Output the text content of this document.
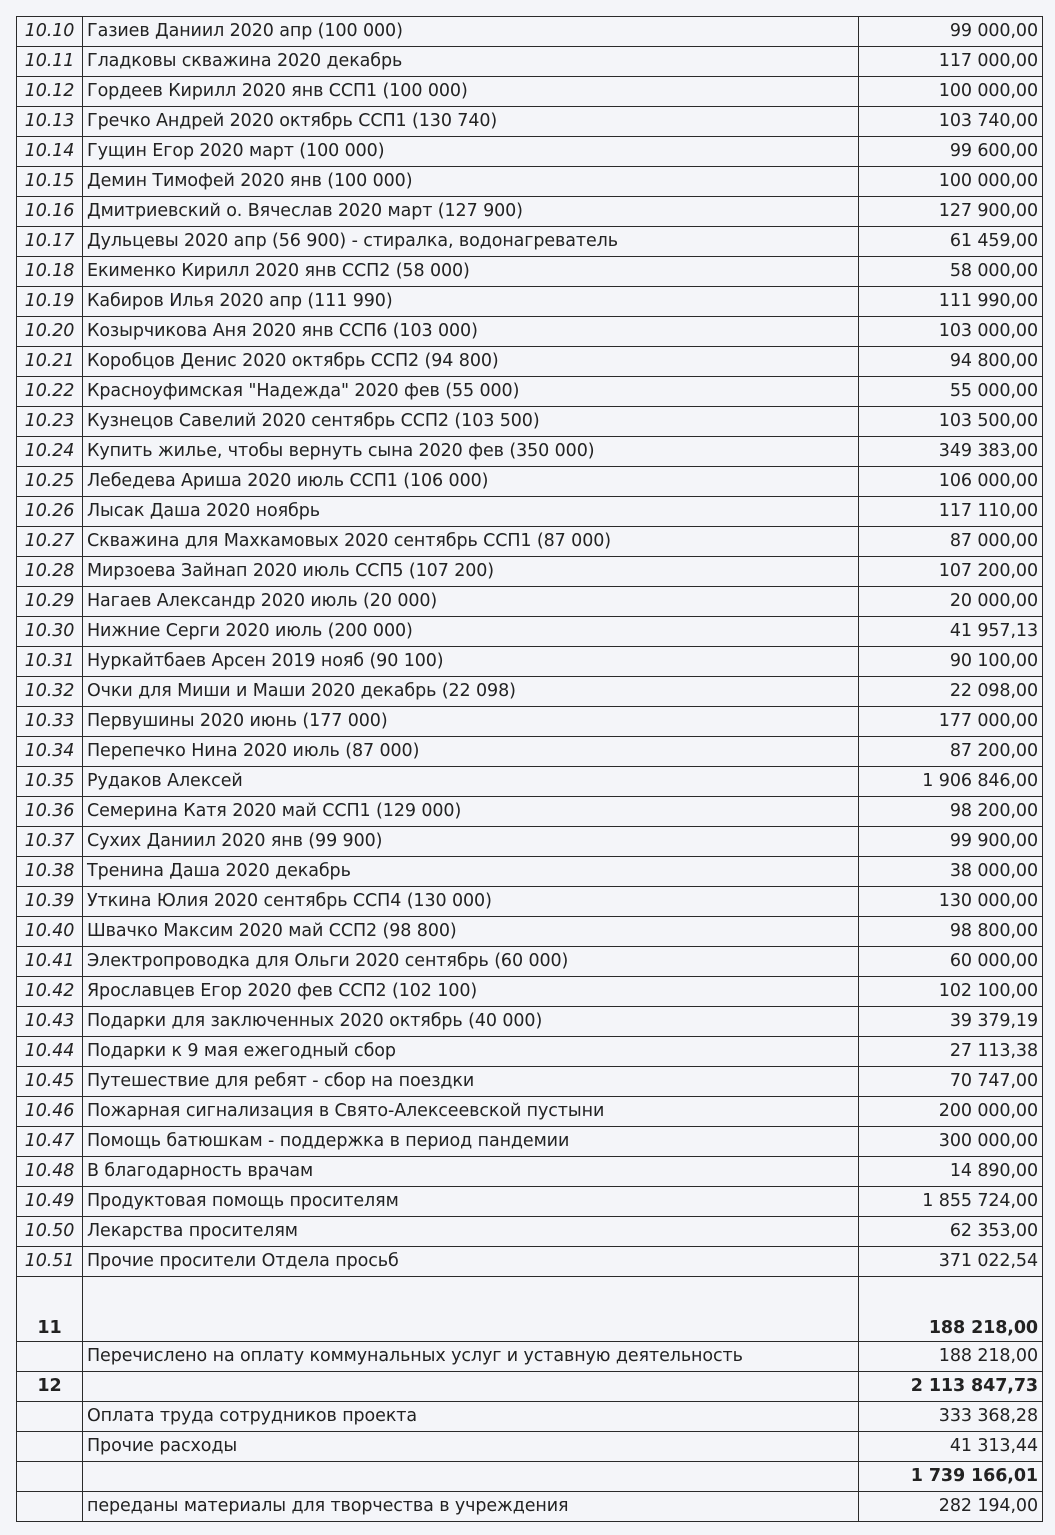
10.10	Газиев Даниил 2020 апр (100 000)	99 000,00
10.11	Гладковы скважина 2020 декабрь	117 000,00
10.12	Гордеев Кирилл 2020 янв ССП1 (100 000)	100 000,00
10.13	Гречко Андрей 2020 октябрь ССП1 (130 740)	103 740,00
10.14	Гущин Егор 2020 март (100 000)	99 600,00
10.15	Демин Тимофей 2020 янв (100 000)	100 000,00
10.16	Дмитриевский о. Вячеслав 2020 март (127 900)	127 900,00
10.17	Дульцевы 2020 апр (56 900) - стиралка, водонагреватель	61 459,00
10.18	Екименко Кирилл 2020 янв ССП2 (58 000)	58 000,00
10.19	Кабиров Илья 2020 апр (111 990)	111 990,00
10.20	Козырчикова Аня 2020 янв ССП6 (103 000)	103 000,00
10.21	Коробцов Денис 2020 октябрь ССП2 (94 800)	94 800,00
10.22	Красноуфимская "Надежда" 2020 фев (55 000)	55 000,00
10.23	Кузнецов Савелий 2020 сентябрь ССП2 (103 500)	103 500,00
10.24	Купить жилье, чтобы вернуть сына 2020 фев (350 000)	349 383,00
10.25	Лебедева Ариша 2020 июль ССП1 (106 000)	106 000,00
10.26	Лысак Даша 2020 ноябрь	117 110,00
10.27	Скважина для Махкамовых 2020 сентябрь ССП1 (87 000)	87 000,00
10.28	Мирзоева Зайнап 2020 июль ССП5 (107 200)	107 200,00
10.29	Нагаев Александр 2020 июль (20 000)	20 000,00
10.30	Нижние Серги 2020 июль (200 000)	41 957,13
10.31	Нуркайтбаев Арсен 2019 нояб (90 100)	90 100,00
10.32	Очки для Миши и Маши 2020 декабрь (22 098)	22 098,00
10.33	Первушины 2020 июнь (177 000)	177 000,00
10.34	Перепечко Нина 2020 июль (87 000)	87 200,00
10.35	Рудаков Алексей	1 906 846,00
10.36	Семерина Катя 2020 май ССП1 (129 000)	98 200,00
10.37	Сухих Даниил 2020 янв (99 900)	99 900,00
10.38	Тренина Даша 2020 декабрь	38 000,00
10.39	Уткина Юлия 2020 сентябрь ССП4 (130 000)	130 000,00
10.40	Швачко Максим 2020 май ССП2 (98 800)	98 800,00
10.41	Электропроводка для Ольги 2020 сентябрь (60 000)	60 000,00
10.42	Ярославцев Егор 2020 фев ССП2 (102 100)	102 100,00
10.43	Подарки для заключенных 2020 октябрь (40 000)	39 379,19
10.44	Подарки к 9 мая ежегодный сбор	27 113,38
10.45	Путешествие для ребят - сбор на поездки	70 747,00
10.46	Пожарная сигнализация в Свято-Алексеевской пустыни	200 000,00
10.47	Помощь батюшкам - поддержка в период пандемии	300 000,00
10.48	В благодарность врачам	14 890,00
10.49	Продуктовая помощь просителям	1 855 724,00
10.50	Лекарства просителям	62 353,00
10.51	Прочие просители Отдела просьб	371 022,54
11		188 218,00
	Перечислено на оплату коммунальных услуг и уставную деятельность	188 218,00
12		2 113 847,73
	Оплата труда сотрудников проекта	333 368,28
	Прочие расходы	41 313,44
		1 739 166,01
	переданы материалы для творчества в учреждения	282 194,00
